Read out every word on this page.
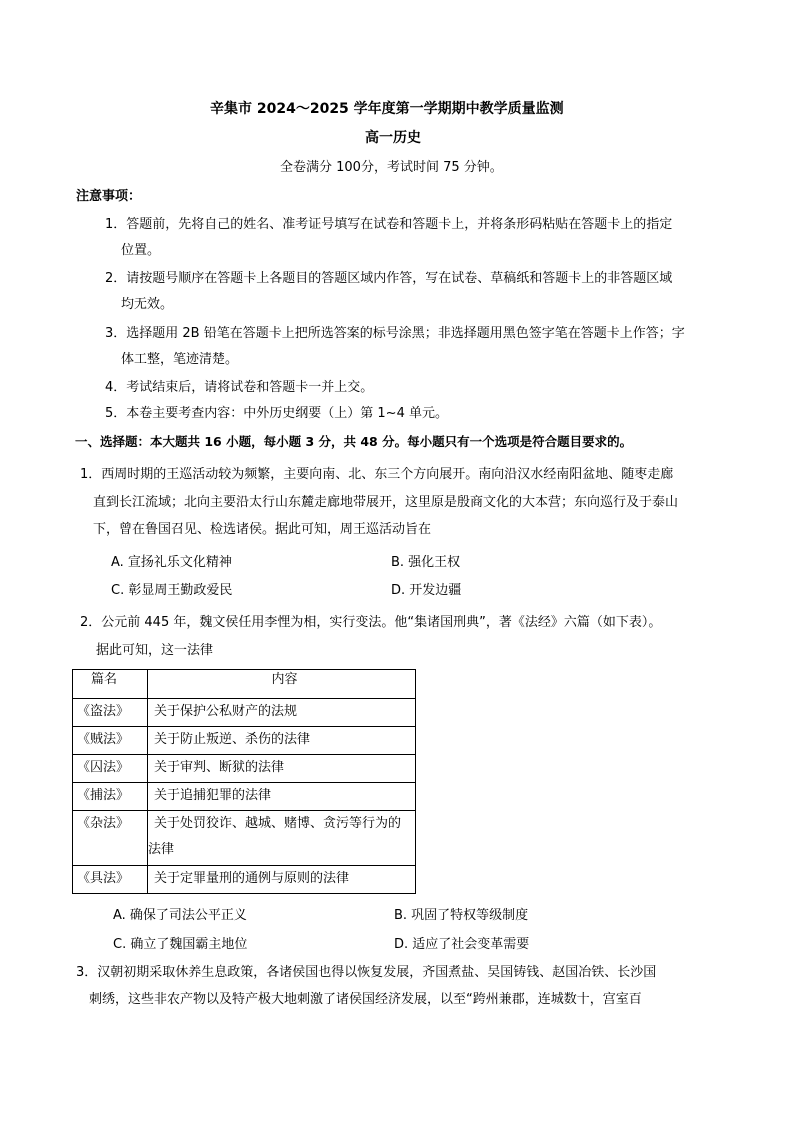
辛集市 2024～2025 学年度第一学期期中教学质量监测
高一历史
全卷满分 100分，考试时间 75 分钟。
注意事项：
1．答题前，先将自己的姓名、准考证号填写在试卷和答题卡上，并将条形码粘贴在答题卡上的指定
位置。
2．请按题号顺序在答题卡上各题目的答题区域内作答，写在试卷、草稿纸和答题卡上的非答题区域
均无效。
3．选择题用 2B 铅笔在答题卡上把所选答案的标号涂黑；非选择题用黑色签字笔在答题卡上作答；字
体工整，笔迹清楚。
4．考试结束后，请将试卷和答题卡一并上交。
5．本卷主要考查内容：中外历史纲要（上）第 1~4 单元。
一、选择题：本大题共 16 小题，每小题 3 分，共 48 分。每小题只有一个选项是符合题目要求的。
1．西周时期的王巡活动较为频繁，主要向南、北、东三个方向展开。南向沿汉水经南阳盆地、随枣走廊
直到长江流域；北向主要沿太行山东麓走廊地带展开，这里原是殷商文化的大本营；东向巡行及于泰山
下，曾在鲁国召见、检选诸侯。据此可知，周王巡活动旨在
A. 宣扬礼乐文化精神	B. 强化王权
C. 彰显周王勤政爱民	D. 开发边疆
2．公元前 445 年，魏文侯任用李悝为相，实行变法。他“集诸国刑典”，著《法经》六篇（如下表）。
据此可知，这一法律
篇名	内容
《盗法》	关于保护公私财产的法规
《贼法》	关于防止叛逆、杀伤的法律
《囚法》	关于审判、断狱的法律
《捕法》	关于追捕犯罪的法律
《杂法》	关于处罚狡诈、越城、赌博、贪污等行为的
法律

《具法》	关于定罪量刑的通例与原则的法律
A. 确保了司法公平正义	B. 巩固了特权等级制度
C. 确立了魏国霸主地位	D. 适应了社会变革需要
3．汉朝初期采取休养生息政策，各诸侯国也得以恢复发展，齐国煮盐、吴国铸钱、赵国冶铁、长沙国
刺绣，这些非农产物以及特产极大地刺激了诸侯国经济发展，以至“跨州兼郡，连城数十，宫室百
